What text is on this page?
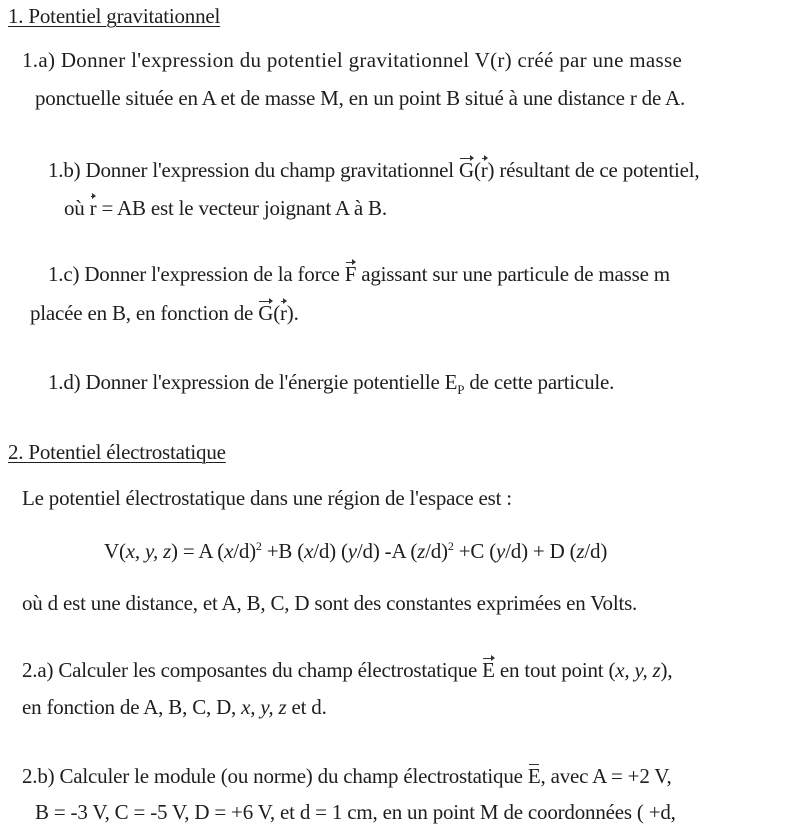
1. Potentiel gravitationnel
1.a) Donner l'expression du potentiel gravitationnel V(r) créé par une masse
ponctuelle située en A et de masse M, en un point B situé à une distance r de A.
1.b) Donner l'expression du champ gravitationnel G(r) résultant de ce potentiel,
où r = AB est le vecteur joignant A à B.
1.c) Donner l'expression de la force F agissant sur une particule de masse m
placée en B, en fonction de G(r).
1.d) Donner l'expression de l'énergie potentielle $E_P$ de cette particule.
2. Potentiel électrostatique
Le potentiel électrostatique dans une région de l'espace est :
V(x, y, z) = A $(x/d)^2 +B$ (x/d) (y/d) -A $(z/d)^2 +C$ (y/d) + D (z/d)
où d est une distance, et A, B, C, D sont des constantes exprimées en Volts.
2.a) Calculer les composantes du champ électrostatique E en tout point (x, y, z),
en fonction de A, B, C, D, x, y, z et d.
2.b) Calculer le module (ou norme) du champ électrostatique E, avec A = +2 V,
B = -3 V, C = -5 V, D = +6 V, et d = 1 cm, en un point M de coordonnées ( +d,
